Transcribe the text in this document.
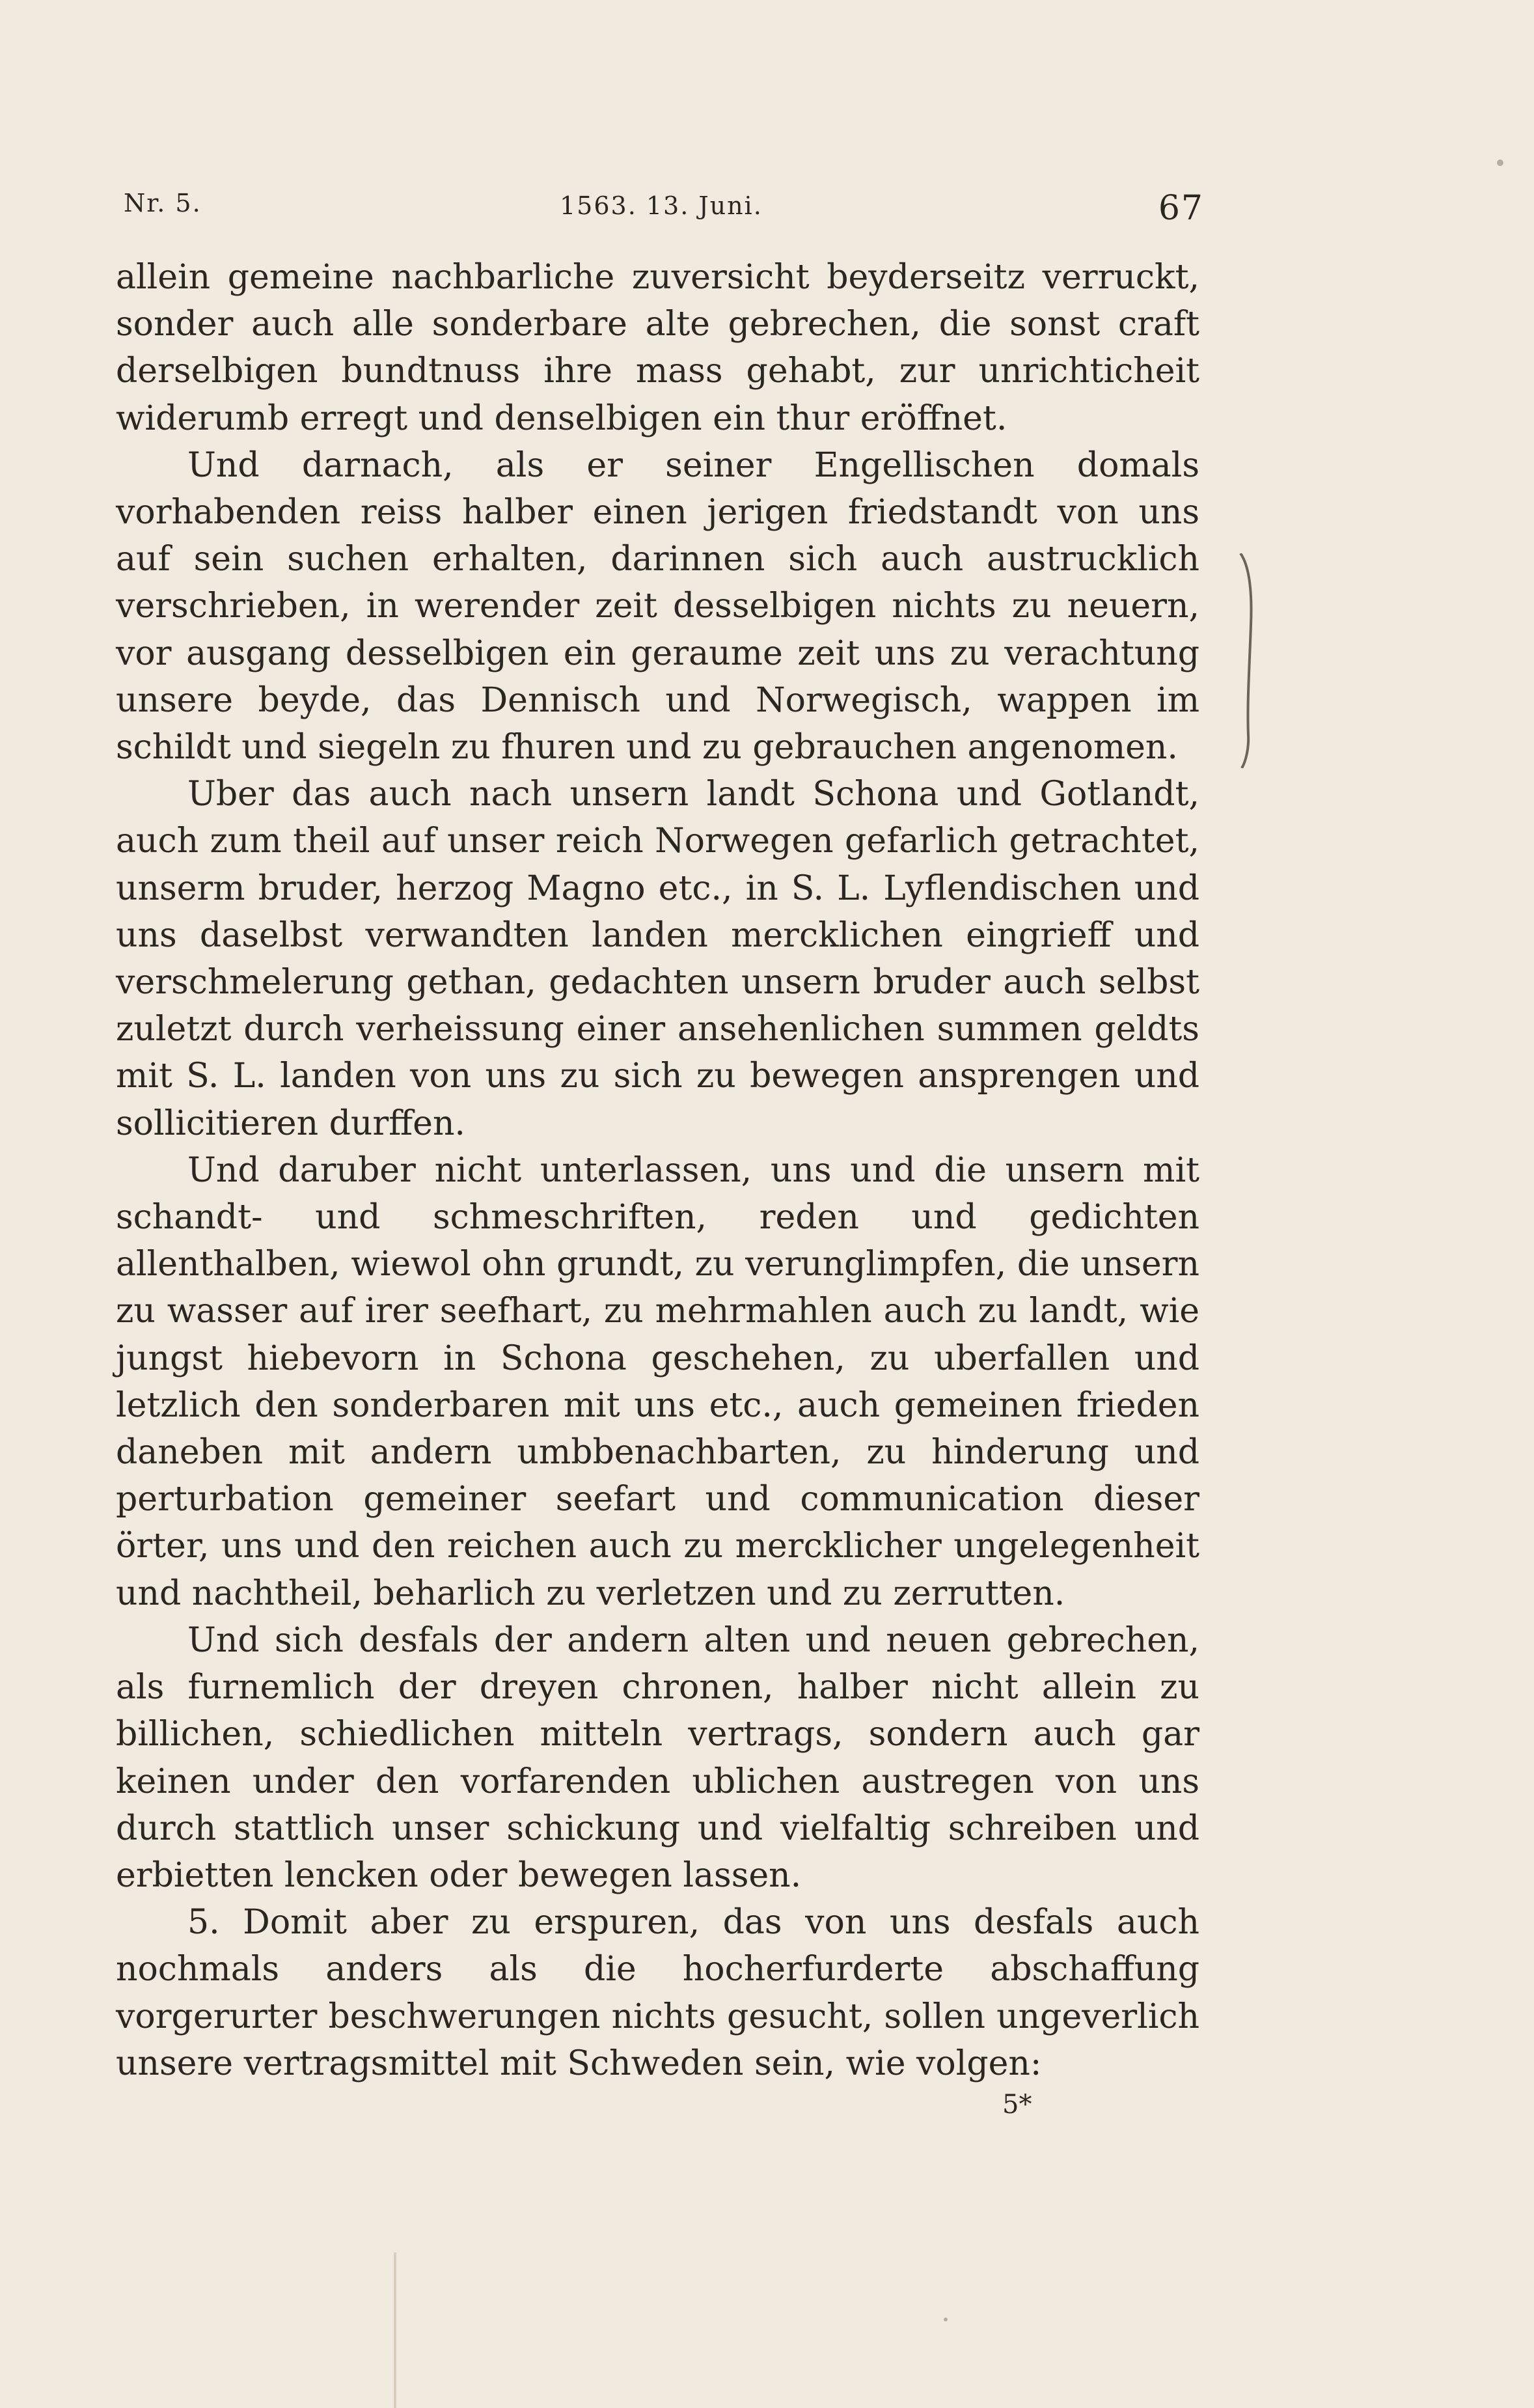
Nr. 5.	1563. 13. Juni.	67

allein gemeine nachbarliche zuversicht beyderseitz verruckt, sonder auch alle sonderbare alte gebrechen, die sonst craft derselbigen bundtnuss ihre mass gehabt, zur unrichticheit widerumb erregt und denselbigen ein thur eröffnet.

Und darnach, als er seiner Engellischen domals vorhabenden reiss halber einen jerigen friedstandt von uns auf sein suchen erhalten, darinnen sich auch austrucklich verschrieben, in werender zeit desselbigen nichts zu neuern, vor ausgang desselbigen ein geraume zeit uns zu verachtung unsere beyde, das Dennisch und Norwegisch, wappen im schildt und siegeln zu fhuren und zu gebrauchen angenomen.

Uber das auch nach unsern landt Schona und Gotlandt, auch zum theil auf unser reich Norwegen gefarlich getrachtet, unserm bruder, herzog Magno etc., in S. L. Lyflendischen und uns daselbst verwandten landen mercklichen eingrieff und verschmelerung gethan, gedachten unsern bruder auch selbst zuletzt durch verheissung einer ansehenlichen summen geldts mit S. L. landen von uns zu sich zu bewegen ansprengen und sollicitieren durffen.

Und daruber nicht unterlassen, uns und die unsern mit schandt- und schmeschriften, reden und gedichten allenthalben, wiewol ohn grundt, zu verunglimpfen, die unsern zu wasser auf irer seefhart, zu mehrmahlen auch zu landt, wie jungst hiebevorn in Schona geschehen, zu uberfallen und letzlich den sonderbaren mit uns etc., auch gemeinen frieden daneben mit andern umbbenachbarten, zu hinderung und perturbation gemeiner seefart und communication dieser örter, uns und den reichen auch zu mercklicher ungelegenheit und nachtheil, beharlich zu verletzen und zu zerrutten.

Und sich desfals der andern alten und neuen gebrechen, als furnemlich der dreyen chronen, halber nicht allein zu billichen, schiedlichen mitteln vertrags, sondern auch gar keinen under den vorfarenden ublichen austregen von uns durch stattlich unser schickung und vielfaltig schreiben und erbietten lencken oder bewegen lassen.

5. Domit aber zu erspuren, das von uns desfals auch nochmals anders als die hocherfurderte abschaffung vorgerurter beschwerungen nichts gesucht, sollen ungeverlich unsere vertragsmittel mit Schweden sein, wie volgen:

5*
